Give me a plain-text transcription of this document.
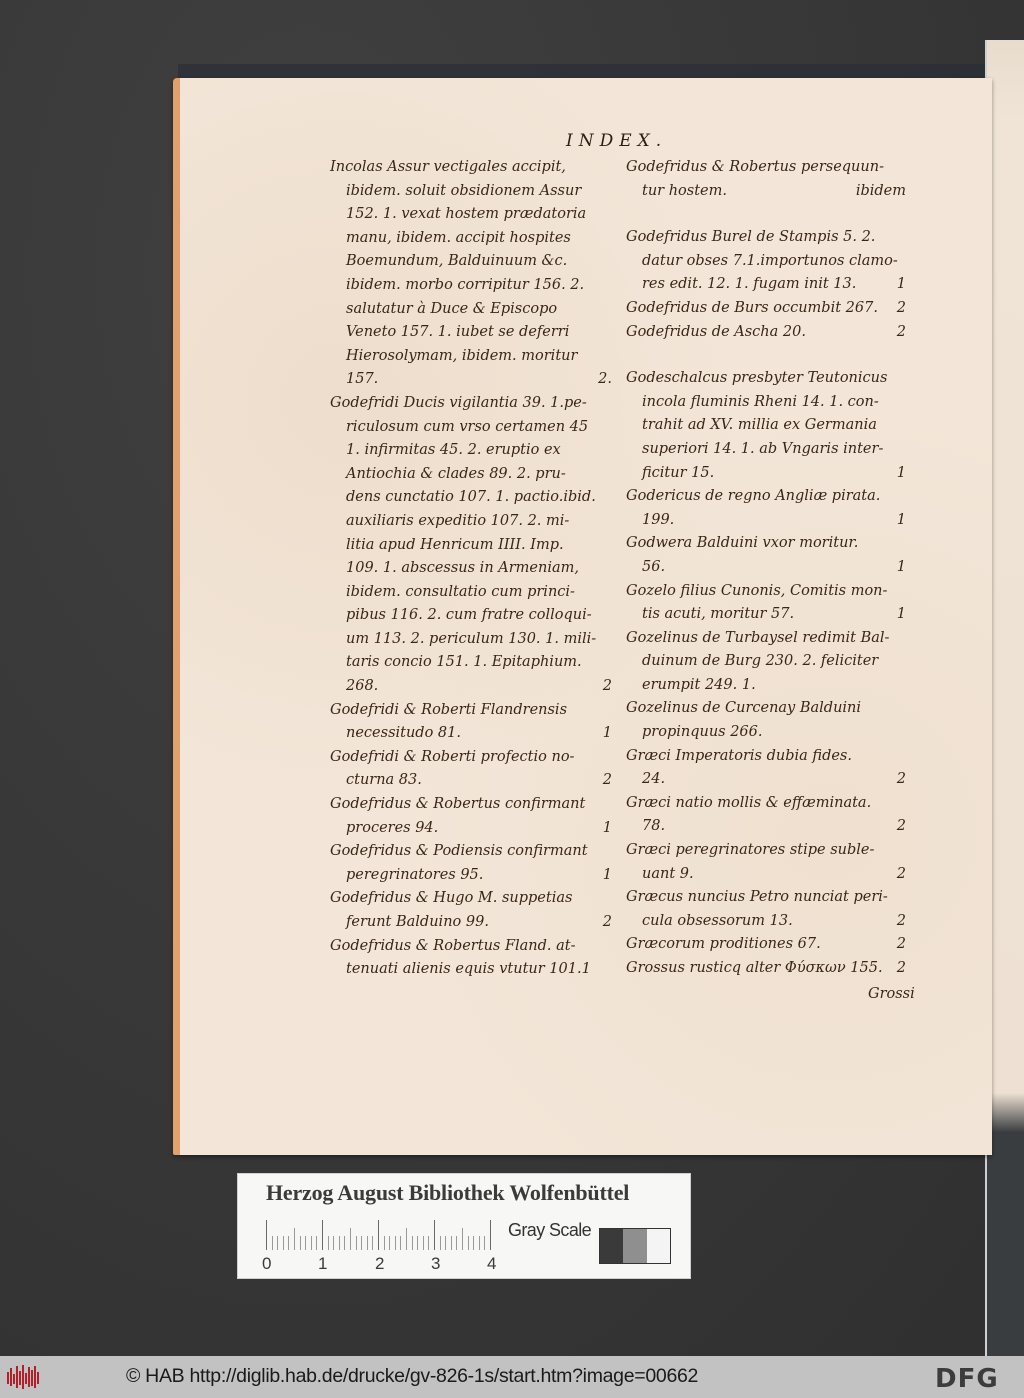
INDEX.
Incolas Assur vectigales accipit,
ibidem. soluit obsidionem Assur
152. 1. vexat hostem prædatoria
manu, ibidem. accipit hospites
Boemundum, Balduinuum &c.
ibidem. morbo corripitur 156. 2.
salutatur à Duce & Episcopo
Veneto 157. 1. iubet se deferri
Hierosolymam, ibidem. moritur
157.	2.
Godefridi Ducis vigilantia 39. 1.pe-
riculosum cum vrso certamen 45
1. infirmitas 45. 2. eruptio ex
Antiochia & clades 89. 2. pru-
dens cunctatio 107. 1. pactio.ibid.
auxiliaris expeditio 107. 2. mi-
litia apud Henricum IIII. Imp.
109. 1. abscessus in Armeniam,
ibidem. consultatio cum princi-
pibus 116. 2. cum fratre colloqui-
um 113. 2. periculum 130. 1. mili-
taris concio 151. 1. Epitaphium.
268.	2
Godefridi & Roberti Flandrensis
necessitudo 81.	1
Godefridi & Roberti profectio no-
cturna 83.	2
Godefridus & Robertus confirmant
proceres 94.	1
Godefridus & Podiensis confirmant
peregrinatores 95.	1
Godefridus & Hugo M. suppetias
ferunt Balduino 99.	2
Godefridus & Robertus Fland. at-
tenuati alienis equis vtutur 101.1
Godefridus & Robertus persequun-
tur hostem.	ibidem
Godefridus Burel de Stampis 5. 2.
datur obses 7.1.importunos clamo-
res edit. 12. 1. fugam init 13.	1
Godefridus de Burs occumbit 267. 2
Godefridus de Ascha 20.	2
Godeschalcus presbyter Teutonicus
incola fluminis Rheni 14. 1. con-
trahit ad XV. millia ex Germania
superiori 14. 1. ab Vngaris inter-
ficitur 15.	1
Godericus de regno Angliæ pirata.
199.	1
Godwera Balduini vxor moritur.
56.	1
Gozelo filius Cunonis, Comitis mon-
tis acuti, moritur 57.	1
Gozelinus de Turbaysel redimit Bal-
duinum de Burg 230. 2. feliciter
erumpit 249. 1.
Gozelinus de Curcenay Balduini
propinquus 266.
Græci Imperatoris dubia fides.
24.	2
Græci natio mollis & effæminata.
78.	2
Græci peregrinatores stipe suble-
uant 9.	2
Græcus nuncius Petro nunciat peri-
cula obsessorum 13.	2
Græcorum proditiones 67.	2
Grossus rusticq alter Φύσκων 155. 2
Grossi
Herzog August Bibliothek Wolfenbüttel
0	1	2	3	4
Gray Scale
© HAB http://diglib.hab.de/drucke/gv-826-1s/start.htm?image=00662	DFG
